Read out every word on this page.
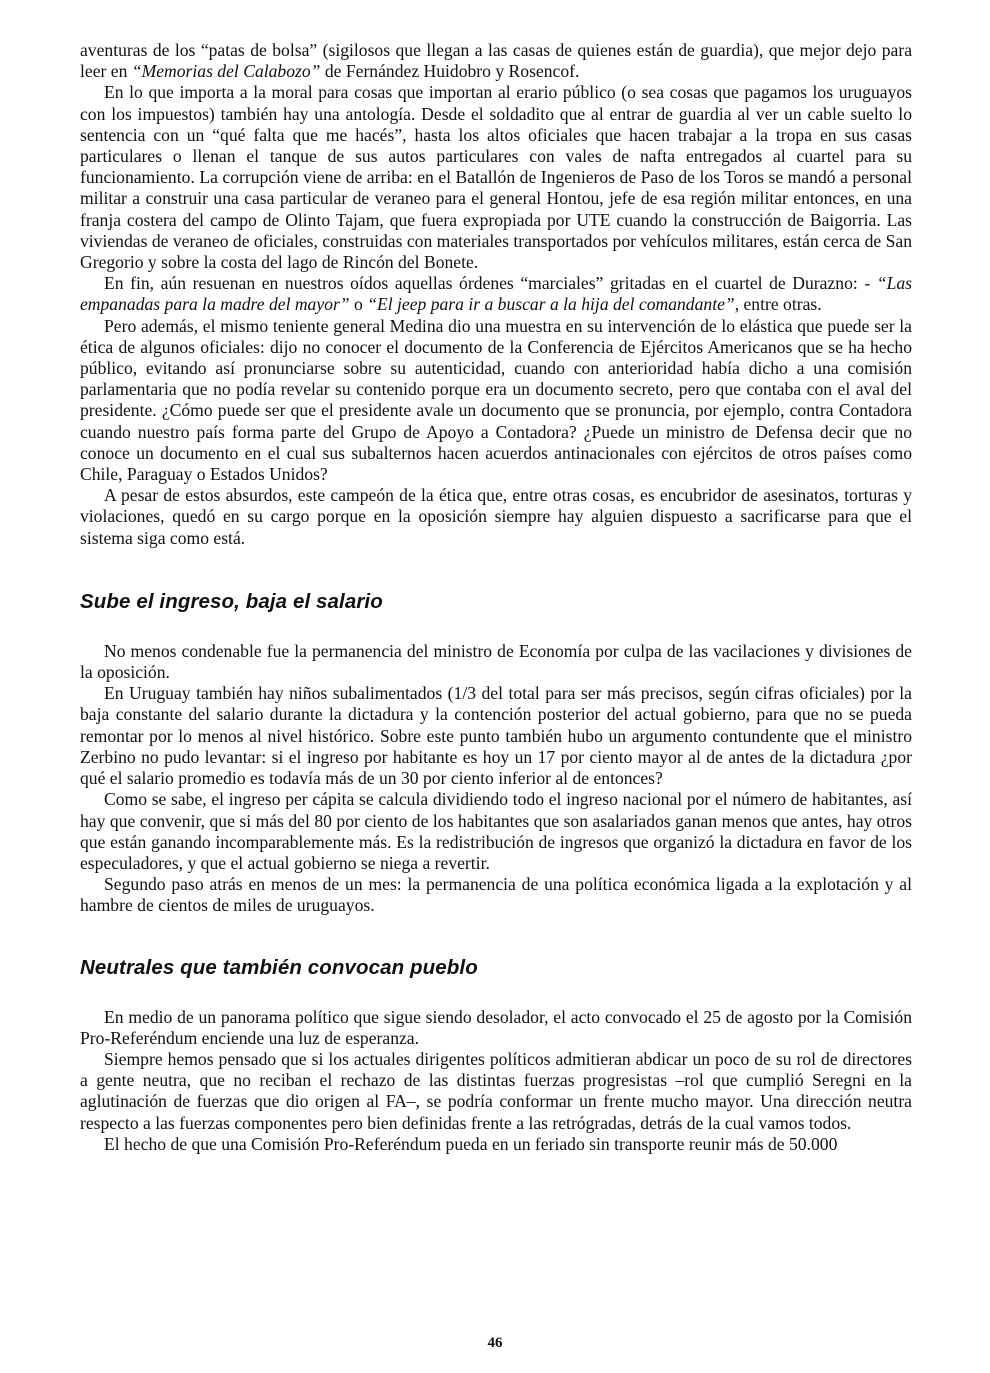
aventuras de los “patas de bolsa” (sigilosos que llegan a las casas de quienes están de guardia), que mejor dejo para leer en “Memorias del Calabozo” de Fernández Huidobro y Rosencof.

En lo que importa a la moral para cosas que importan al erario público (o sea cosas que pagamos los uruguayos con los impuestos) también hay una antología. Desde el soldadito que al entrar de guardia al ver un cable suelto lo sentencia con un “qué falta que me hacés”, hasta los altos oficiales que hacen trabajar a la tropa en sus casas particulares o llenan el tanque de sus autos particulares con vales de nafta entregados al cuartel para su funcionamiento. La corrupción viene de arriba: en el Batallón de Ingenieros de Paso de los Toros se mandó a personal militar a construir una casa particular de veraneo para el general Hontou, jefe de esa región militar entonces, en una franja costera del campo de Olinto Tajam, que fuera expropiada por UTE cuando la construcción de Baigorria. Las viviendas de veraneo de oficiales, construidas con materiales transportados por vehículos militares, están cerca de San Gregorio y sobre la costa del lago de Rincón del Bonete.

En fin, aún resuenan en nuestros oídos aquellas órdenes “marciales” gritadas en el cuartel de Durazno: - “Las empanadas para la madre del mayor” o “El jeep para ir a buscar a la hija del comandante”, entre otras.

Pero además, el mismo teniente general Medina dio una muestra en su intervención de lo elástica que puede ser la ética de algunos oficiales: dijo no conocer el documento de la Conferencia de Ejércitos Americanos que se ha hecho público, evitando así pronunciarse sobre su autenticidad, cuando con anterioridad había dicho a una comisión parlamentaria que no podía revelar su contenido porque era un documento secreto, pero que contaba con el aval del presidente. ¿Cómo puede ser que el presidente avale un documento que se pronuncia, por ejemplo, contra Contadora cuando nuestro país forma parte del Grupo de Apoyo a Contadora? ¿Puede un ministro de Defensa decir que no conoce un documento en el cual sus subalternos hacen acuerdos antinacionales con ejércitos de otros países como Chile, Paraguay o Estados Unidos?

A pesar de estos absurdos, este campeón de la ética que, entre otras cosas, es encubridor de asesinatos, torturas y violaciones, quedó en su cargo porque en la oposición siempre hay alguien dispuesto a sacrificarse para que el sistema siga como está.

Sube el ingreso, baja el salario

No menos condenable fue la permanencia del ministro de Economía por culpa de las vacilaciones y divisiones de la oposición.

En Uruguay también hay niños subalimentados (1/3 del total para ser más precisos, según cifras oficiales) por la baja constante del salario durante la dictadura y la contención posterior del actual gobierno, para que no se pueda remontar por lo menos al nivel histórico. Sobre este punto también hubo un argumento contundente que el ministro Zerbino no pudo levantar: si el ingreso por habitante es hoy un 17 por ciento mayor al de antes de la dictadura ¿por qué el salario promedio es todavía más de un 30 por ciento inferior al de entonces?

Como se sabe, el ingreso per cápita se calcula dividiendo todo el ingreso nacional por el número de habitantes, así hay que convenir, que si más del 80 por ciento de los habitantes que son asalariados ganan menos que antes, hay otros que están ganando incomparablemente más. Es la redistribución de ingresos que organizó la dictadura en favor de los especuladores, y que el actual gobierno se niega a revertir.

Segundo paso atrás en menos de un mes: la permanencia de una política económica ligada a la explotación y al hambre de cientos de miles de uruguayos.

Neutrales que también convocan pueblo

En medio de un panorama político que sigue siendo desolador, el acto convocado el 25 de agosto por la Comisión Pro-Referéndum enciende una luz de esperanza.

Siempre hemos pensado que si los actuales dirigentes políticos admitieran abdicar un poco de su rol de directores a gente neutra, que no reciban el rechazo de las distintas fuerzas progresistas –rol que cumplió Seregni en la aglutinación de fuerzas que dio origen al FA–, se podría conformar un frente mucho mayor. Una dirección neutra respecto a las fuerzas componentes pero bien definidas frente a las retrógradas, detrás de la cual vamos todos.

El hecho de que una Comisión Pro-Referéndum pueda en un feriado sin transporte reunir más de 50.000

46
